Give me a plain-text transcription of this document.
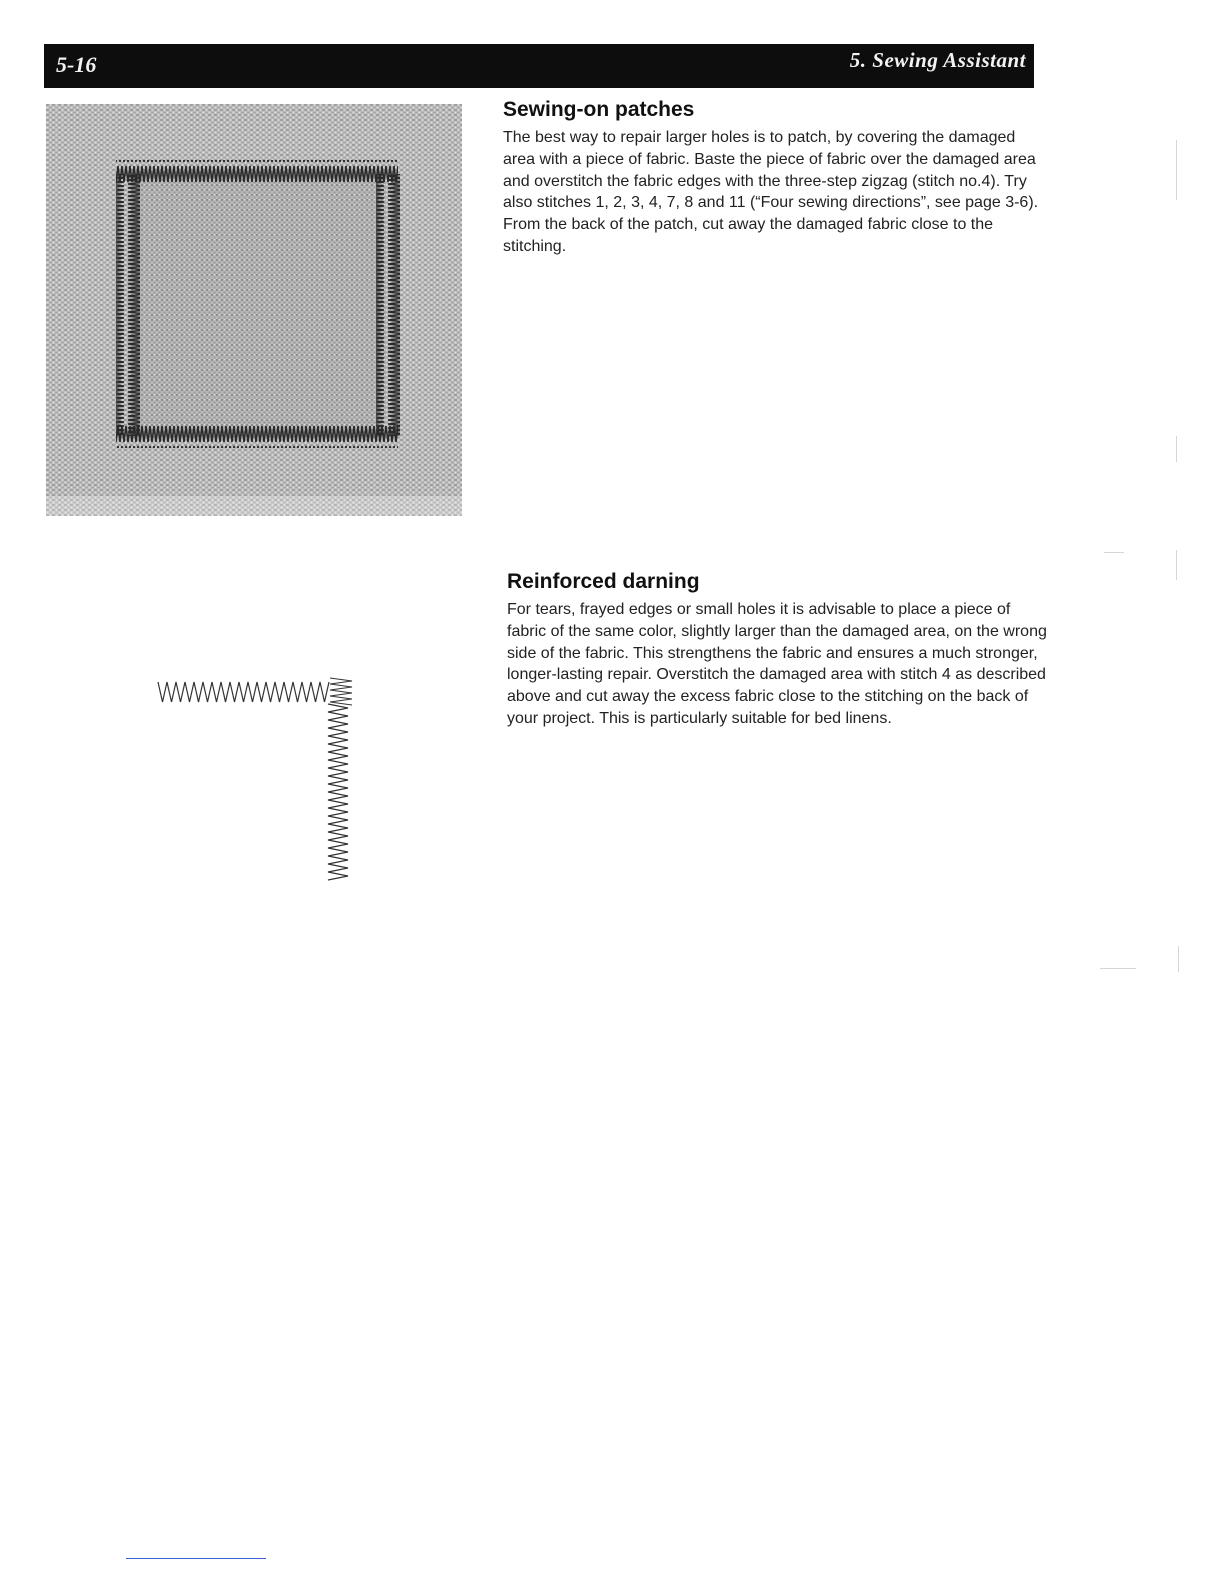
5-16	5. Sewing Assistant
Sewing-on patches

The best way to repair larger holes is to patch, by covering the damaged area with a piece of fabric. Baste the piece of fabric over the damaged area and overstitch the fabric edges with the three-step zigzag (stitch no.4). Try also stitches 1, 2, 3, 4, 7, 8 and 11 (“Four sewing directions”, see page 3-6). From the back of the patch, cut away the damaged fabric close to the stitching.

Reinforced darning

For tears, frayed edges or small holes it is advisable to place a piece of fabric of the same color, slightly larger than the damaged area, on the wrong side of the fabric. This strengthens the fabric and ensures a much stronger, longer-lasting repair. Overstitch the damaged area with stitch 4 as described above and cut away the excess fabric close to the stitching on the back of your project. This is particularly suitable for bed linens.
